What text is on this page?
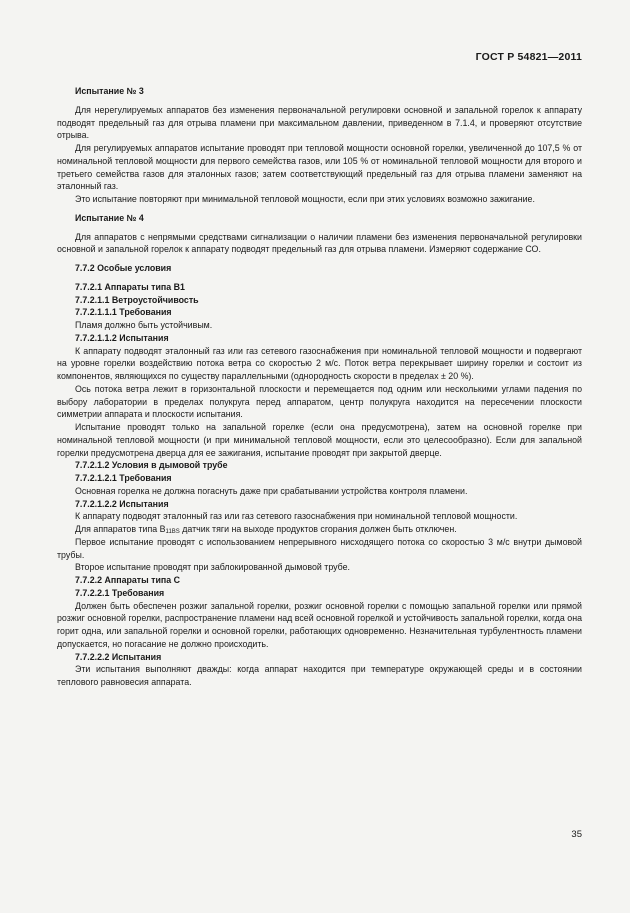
ГОСТ Р 54821—2011

Испытание № 3

Для нерегулируемых аппаратов без изменения первоначальной регулировки основной и запальной горелок к аппарату подводят предельный газ для отрыва пламени при максимальном давлении, приведенном в 7.1.4, и проверяют отсутствие отрыва.

Для регулируемых аппаратов испытание проводят при тепловой мощности основной горелки, увеличенной до 107,5 % от номинальной тепловой мощности для первого семейства газов, или 105 % от номинальной тепловой мощности для второго и третьего семейства газов для эталонных газов; затем соответствующий предельный газ для отрыва пламени заменяют на эталонный газ.

Это испытание повторяют при минимальной тепловой мощности, если при этих условиях возможно зажигание.

Испытание № 4

Для аппаратов с непрямыми средствами сигнализации о наличии пламени без изменения первоначальной регулировки основной и запальной горелок к аппарату подводят предельный газ для отрыва пламени. Измеряют содержание СО.

7.7.2 Особые условия

7.7.2.1 Аппараты типа В1

7.7.2.1.1 Ветроустойчивость

7.7.2.1.1.1 Требования

Пламя должно быть устойчивым.

7.7.2.1.1.2 Испытания

К аппарату подводят эталонный газ или газ сетевого газоснабжения при номинальной тепловой мощности и подвергают на уровне горелки воздействию потока ветра со скоростью 2 м/с. Поток ветра перекрывает ширину горелки и состоит из компонентов, являющихся по существу параллельными (однородность скорости в пределах ± 20 %).

Ось потока ветра лежит в горизонтальной плоскости и перемещается под одним или несколькими углами падения по выбору лаборатории в пределах полукруга перед аппаратом, центр полукруга находится на пересечении плоскости симметрии аппарата и плоскости испытания.

Испытание проводят только на запальной горелке (если она предусмотрена), затем на основной горелке при номинальной тепловой мощности (и при минимальной тепловой мощности, если это целесообразно). Если для запальной горелки предусмотрена дверца для ее зажигания, испытание проводят при закрытой дверце.

7.7.2.1.2 Условия в дымовой трубе

7.7.2.1.2.1 Требования

Основная горелка не должна погаснуть даже при срабатывании устройства контроля пламени.

7.7.2.1.2.2 Испытания

К аппарату подводят эталонный газ или газ сетевого газоснабжения при номинальной тепловой мощности.

Для аппаратов типа $В_{11BS}$ датчик тяги на выходе продуктов сгорания должен быть отключен.

Первое испытание проводят с использованием непрерывного нисходящего потока со скоростью 3 м/с внутри дымовой трубы.

Второе испытание проводят при заблокированной дымовой трубе.

7.7.2.2 Аппараты типа С

7.7.2.2.1 Требования

Должен быть обеспечен розжиг запальной горелки, розжиг основной горелки с помощью запальной горелки или прямой розжиг основной горелки, распространение пламени над всей основной горелкой и устойчивость запальной горелки, когда она горит одна, или запальной горелки и основной горелки, работающих одновременно. Незначительная турбулентность пламени допускается, но погасание не должно происходить.

7.7.2.2.2 Испытания

Эти испытания выполняют дважды: когда аппарат находится при температуре окружающей среды и в состоянии теплового равновесия аппарата.

35
